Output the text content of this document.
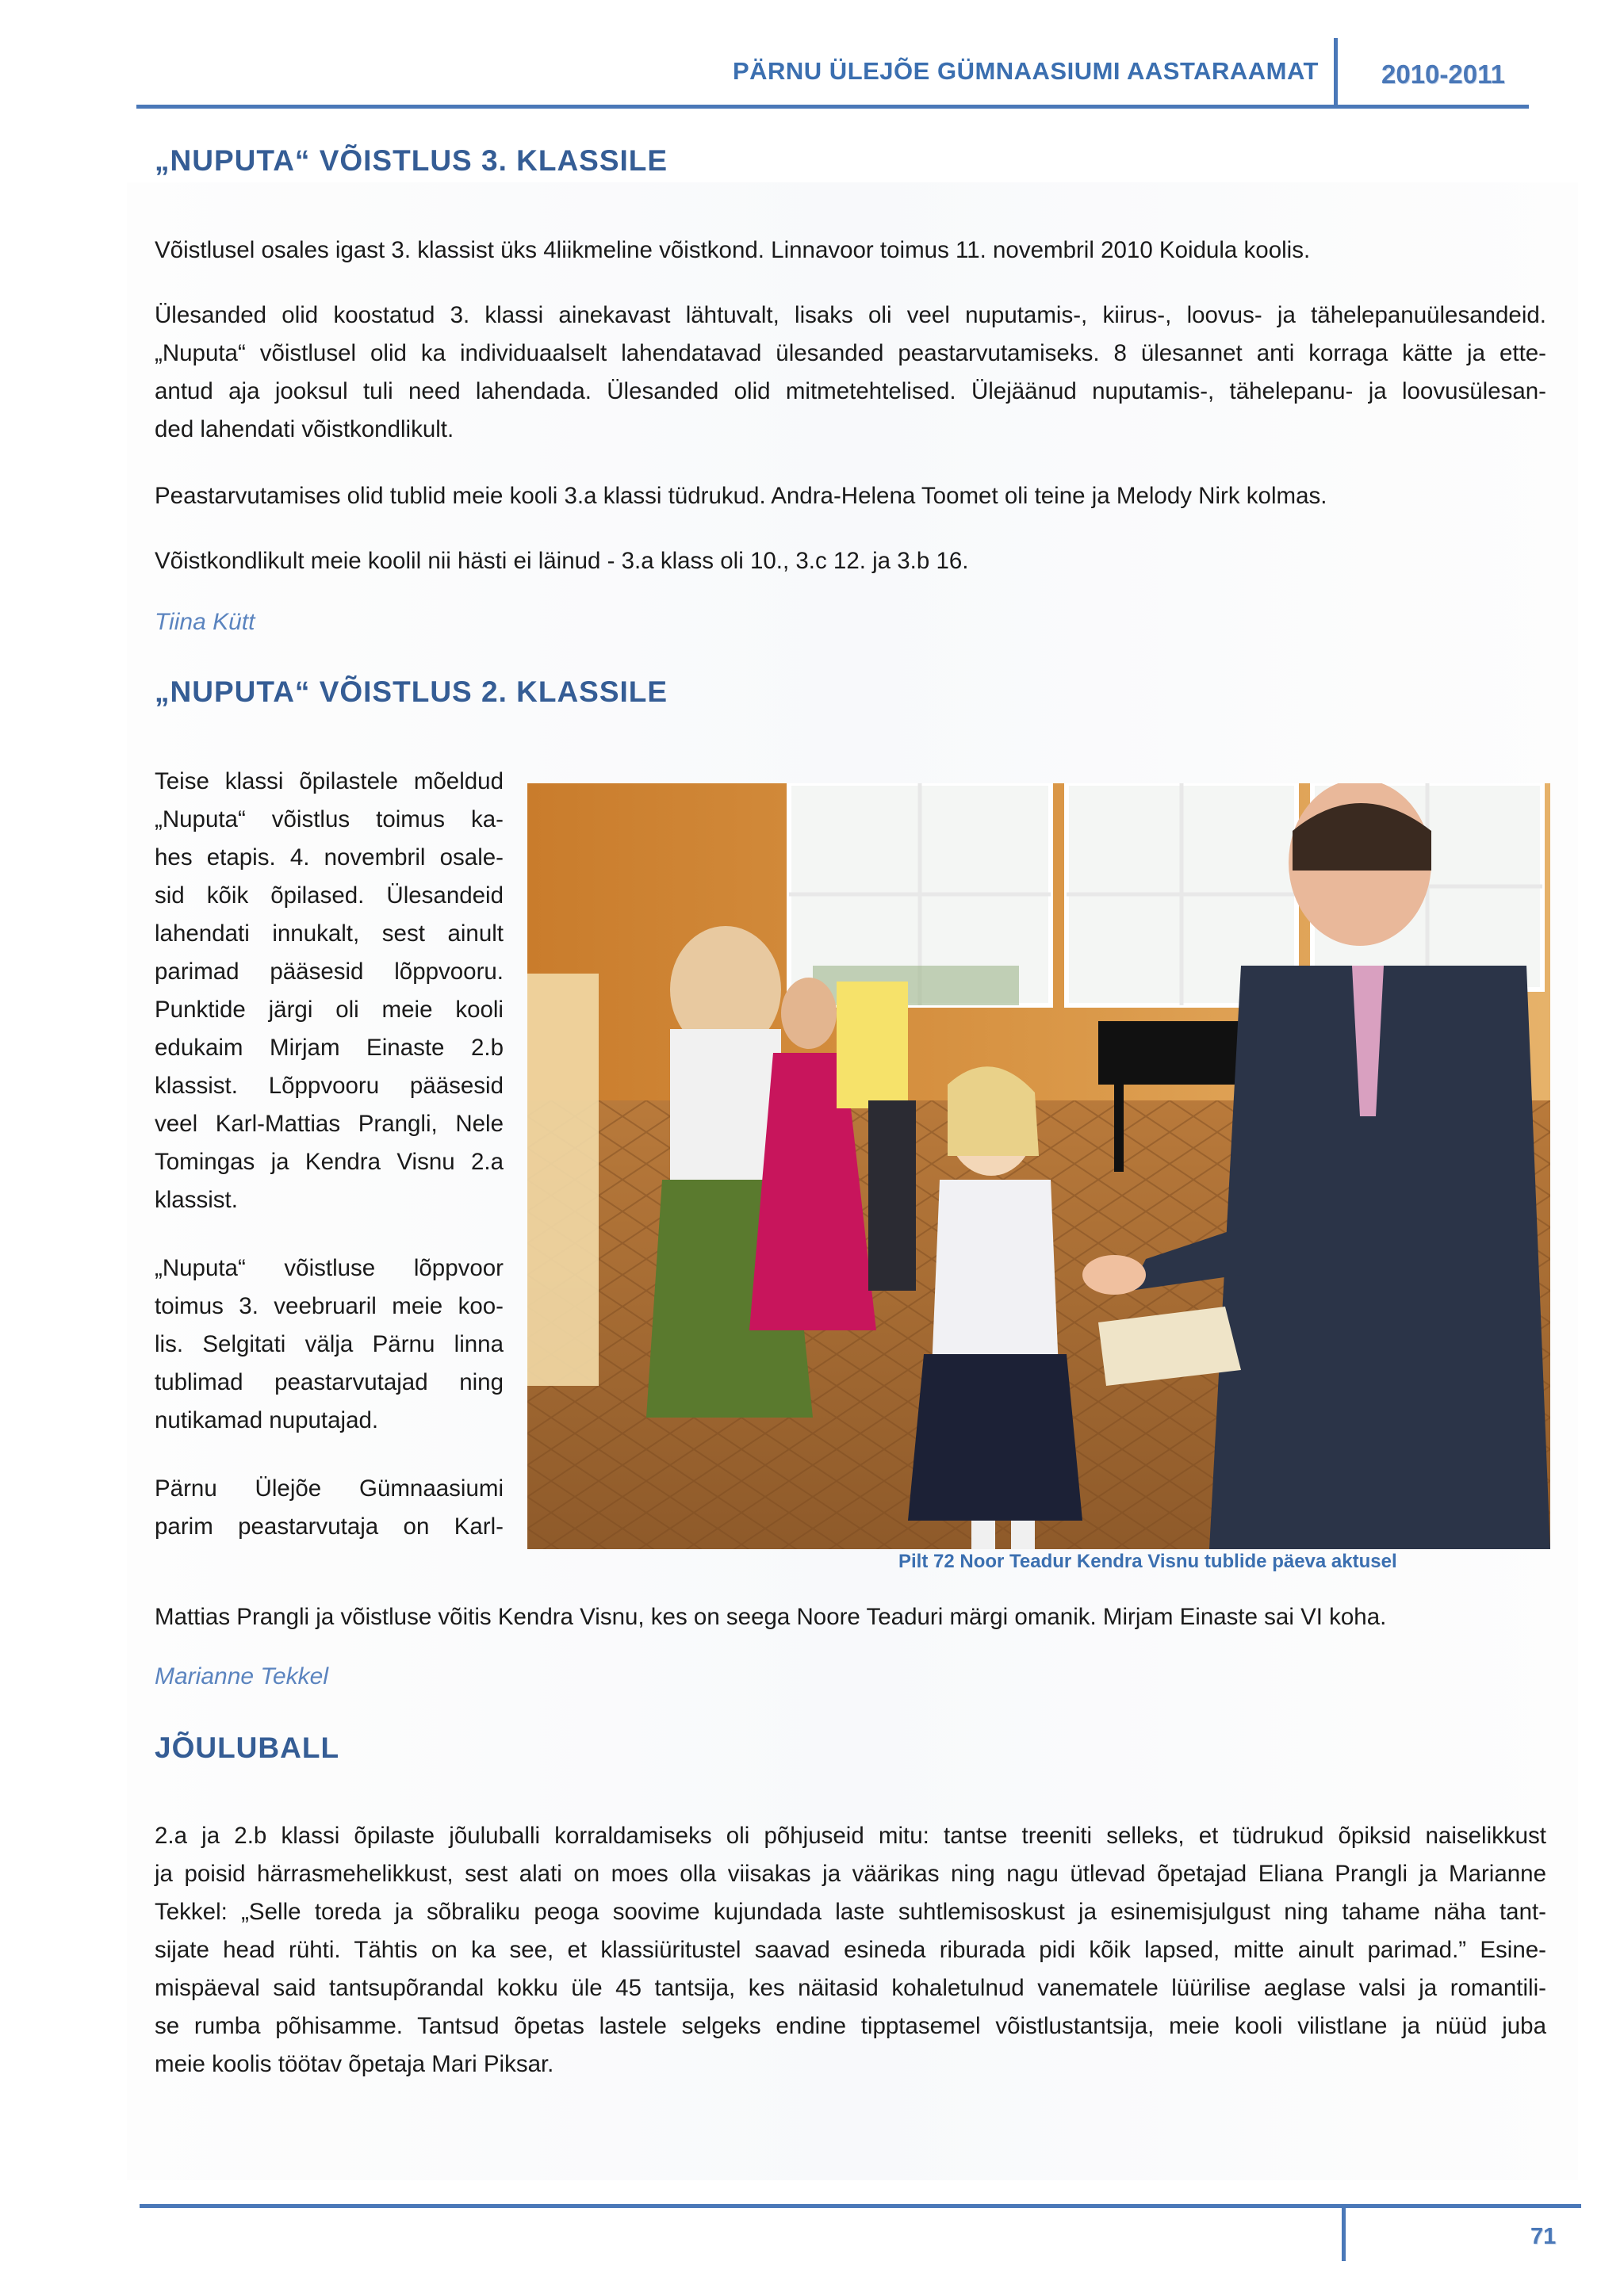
PÄRNU ÜLEJÕE GÜMNAASIUMI AASTARAAMAT 2010-2011
„NUPUTA“ VÕISTLUS 3. KLASSILE

Võistlusel osales igast 3. klassist üks 4liikmeline võistkond. Linnavoor toimus 11. novembril 2010 Koidula koolis.

Ülesanded olid koostatud 3. klassi ainekavast lähtuvalt, lisaks oli veel nuputamis-, kiirus-, loovus- ja tähelepanuülesandeid.
„Nuputa“ võistlusel olid ka individuaalselt lahendatavad ülesanded peastarvutamiseks. 8 ülesannet anti korraga kätte ja ette-
antud aja jooksul tuli need lahendada. Ülesanded olid mitmetehtelised. Ülejäänud nuputamis-, tähelepanu- ja loovusülesan-
ded lahendati võistkondlikult.

Peastarvutamises olid tublid meie kooli 3.a klassi tüdrukud. Andra-Helena Toomet oli teine ja Melody Nirk kolmas.

Võistkondlikult meie koolil nii hästi ei läinud - 3.a klass oli 10., 3.c 12. ja 3.b 16.

Tiina Kütt
„NUPUTA“ VÕISTLUS 2. KLASSILE
Teise klassi õpilastele mõeldud
„Nuputa“ võistlus toimus ka-
hes etapis. 4. novembril osale-
sid kõik õpilased. Ülesandeid
lahendati innukalt, sest ainult
parimad pääsesid lõppvooru.
Punktide järgi oli meie kooli
edukaim Mirjam Einaste 2.b
klassist. Lõppvooru pääsesid
veel Karl-Mattias Prangli, Nele
Tomingas ja Kendra Visnu 2.a
klassist.
„Nuputa“ võistluse lõppvoor
toimus 3. veebruaril meie koo-
lis. Selgitati välja Pärnu linna
tublimad peastarvutajad ning
nutikamad nuputajad.
Pärnu Ülejõe Gümnaasiumi
parim peastarvutaja on Karl-
Pilt 72 Noor Teadur Kendra Visnu tublide päeva aktusel

Mattias Prangli ja võistluse võitis Kendra Visnu, kes on seega Noore Teaduri märgi omanik. Mirjam Einaste sai VI koha.

Marianne Tekkel
JÕULUBALL
2.a ja 2.b klassi õpilaste jõuluballi korraldamiseks oli põhjuseid mitu: tantse treeniti selleks, et tüdrukud õpiksid naiselikkust
ja poisid härrasmehelikkust, sest alati on moes olla viisakas ja väärikas ning nagu ütlevad õpetajad Eliana Prangli ja Marianne
Tekkel: „Selle toreda ja sõbraliku peoga soovime kujundada laste suhtlemisoskust ja esinemisjulgust ning tahame näha tant-
sijate head rühti. Tähtis on ka see, et klassiüritustel saavad esineda riburada pidi kõik lapsed, mitte ainult parimad.” Esine-
mispäeval said tantsupõrandal kokku üle 45 tantsija, kes näitasid kohaletulnud vanematele lüürilise aeglase valsi ja romantili-
se rumba põhisamme. Tantsud õpetas lastele selgeks endine tipptasemel võistlustantsija, meie kooli vilistlane ja nüüd juba
meie koolis töötav õpetaja Mari Piksar.
71
